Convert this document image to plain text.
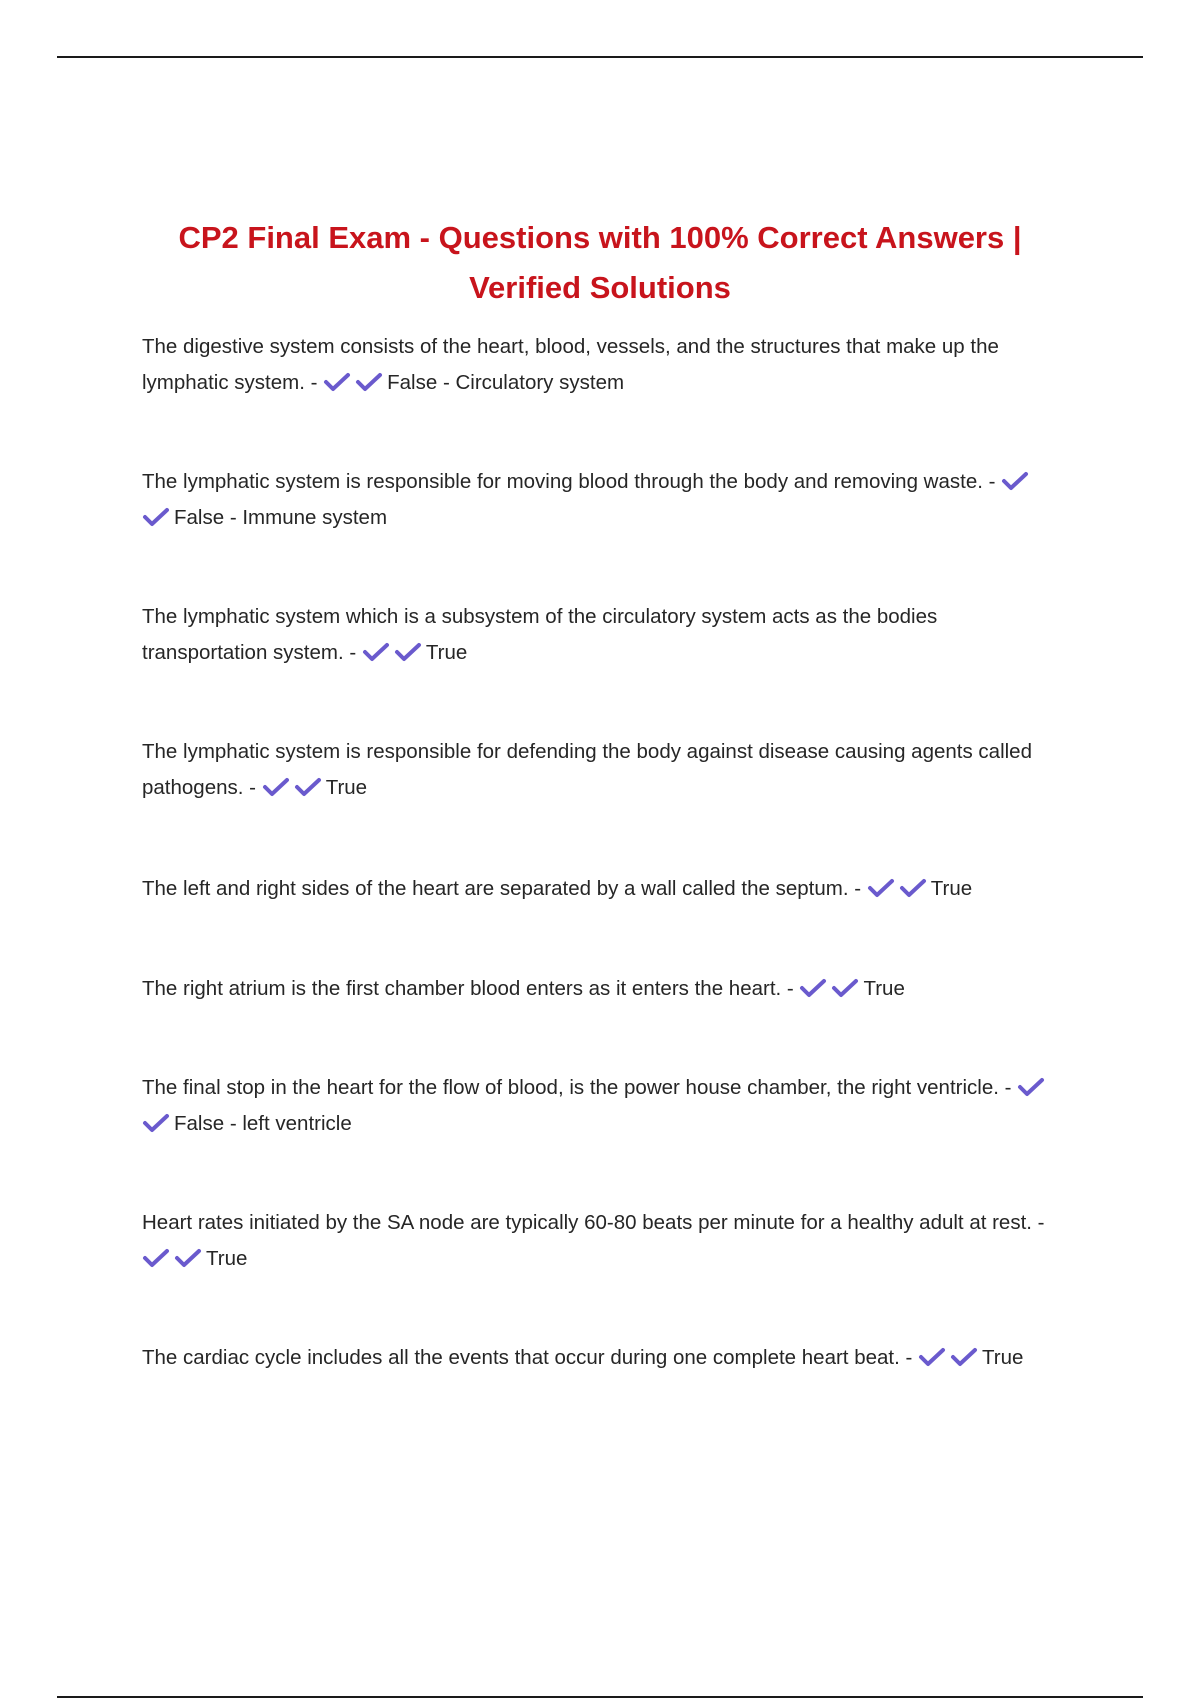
CP2 Final Exam - Questions with 100% Correct Answers | Verified Solutions
The digestive system consists of the heart, blood, vessels, and the structures that make up the lymphatic system. -	False - Circulatory system
The lymphatic system is responsible for moving blood through the body and removing waste. -
False - Immune system
The lymphatic system which is a subsystem of the circulatory system acts as the bodies transportation system. -	True
The lymphatic system is responsible for defending the body against disease causing agents called pathogens. -	True
The left and right sides of the heart are separated by a wall called the septum. -	True
The right atrium is the first chamber blood enters as it enters the heart. -	True
The final stop in the heart for the flow of blood, is the power house chamber, the right ventricle. -
False - left ventricle
Heart rates initiated by the SA node are typically 60-80 beats per minute for a healthy adult at rest. -
True
The cardiac cycle includes all the events that occur during one complete heart beat. -	True
